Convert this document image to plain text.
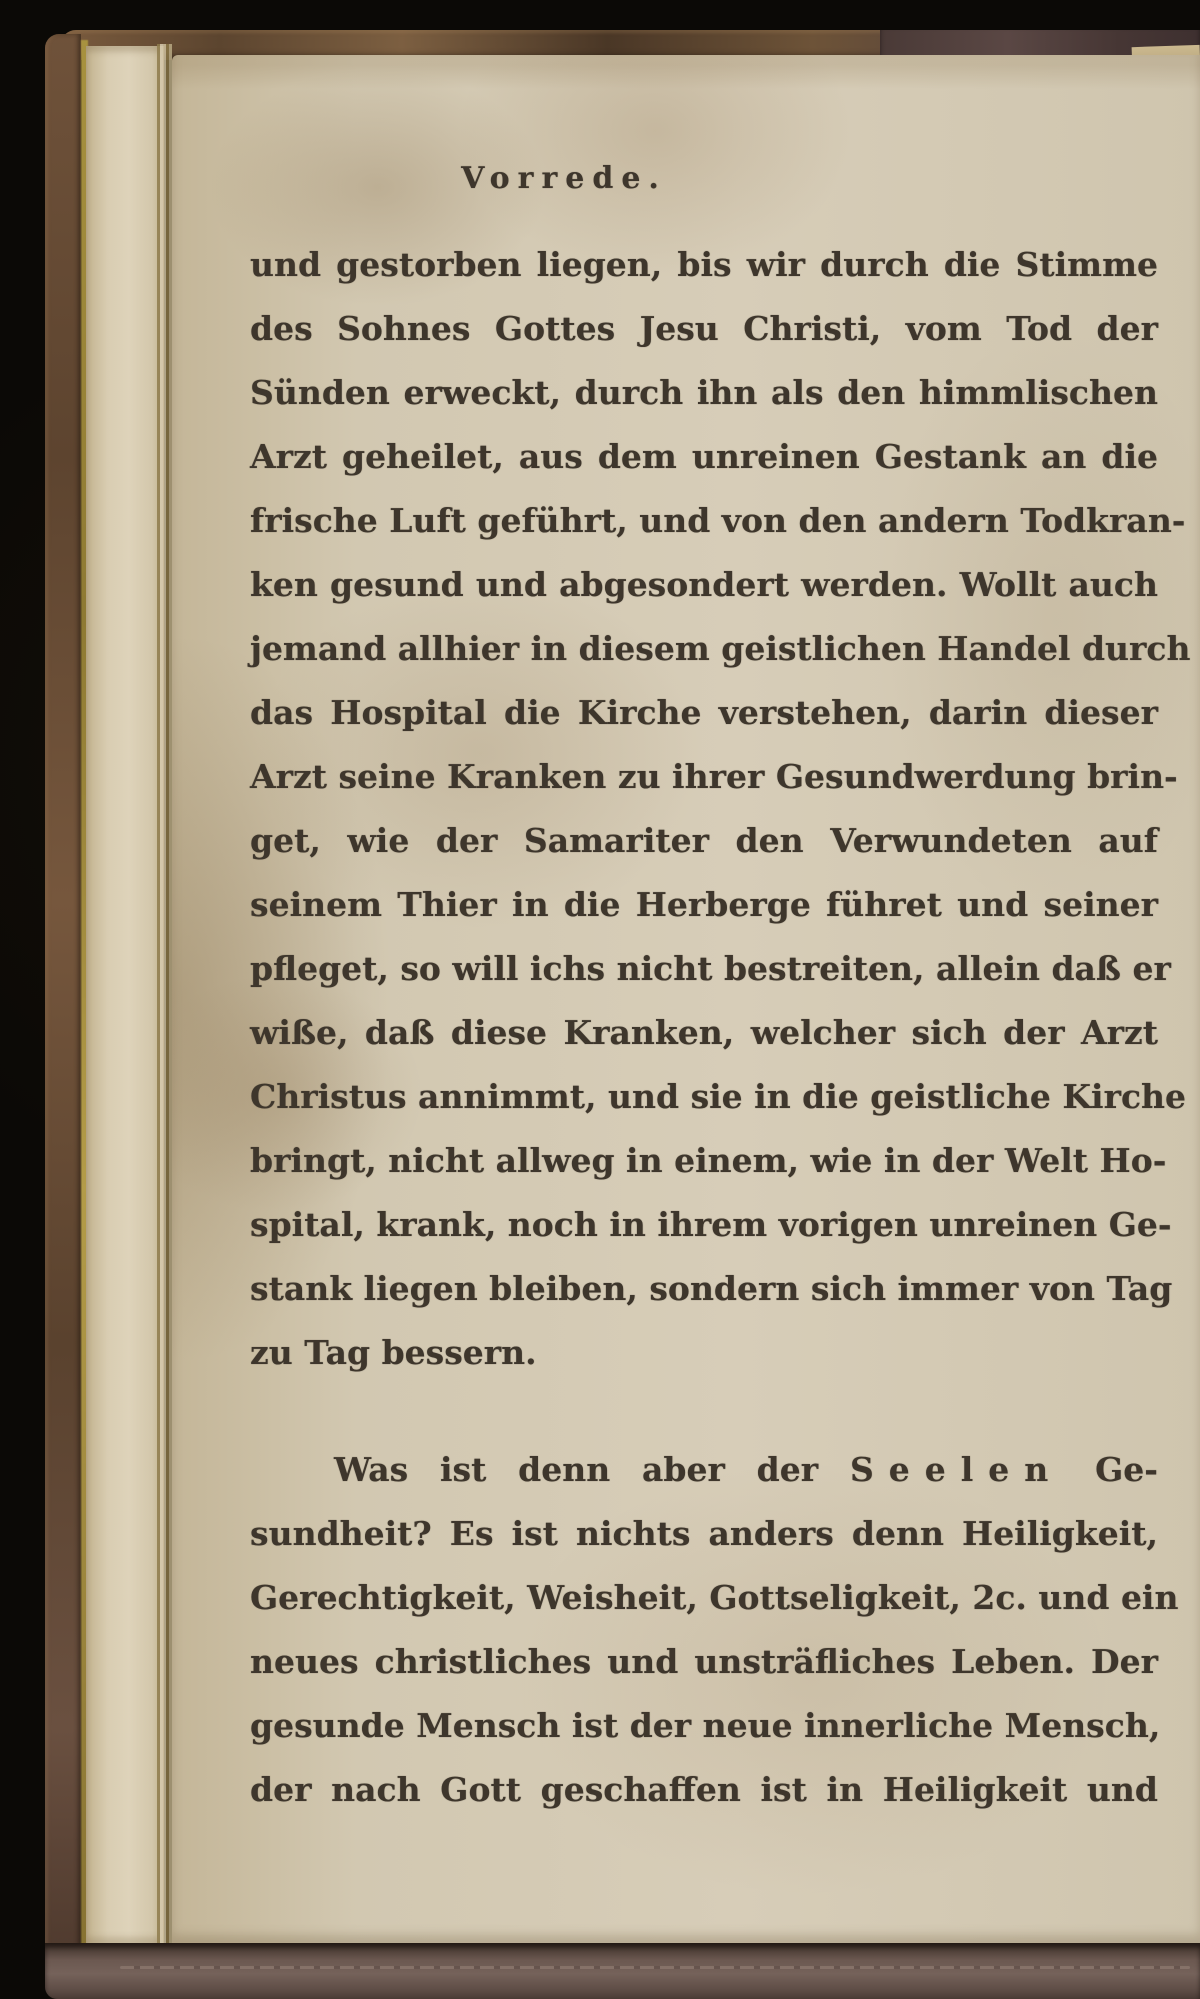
Vorrede.
und gestorben liegen, bis wir durch die Stimme
des Sohnes Gottes Jesu Christi, vom Tod der
Sünden erweckt, durch ihn als den himmlischen
Arzt geheilet, aus dem unreinen Gestank an die
frische Luft geführt, und von den andern Todkran-
ken gesund und abgesondert werden. Wollt auch
jemand allhier in diesem geistlichen Handel durch
das Hospital die Kirche verstehen, darin dieser
Arzt seine Kranken zu ihrer Gesundwerdung brin-
get, wie der Samariter den Verwundeten auf
seinem Thier in die Herberge führet und seiner
pfleget, so will ichs nicht bestreiten, allein daß er
wiße, daß diese Kranken, welcher sich der Arzt
Christus annimmt, und sie in die geistliche Kirche
bringt, nicht allweg in einem, wie in der Welt Ho-
spital, krank, noch in ihrem vorigen unreinen Ge-
stank liegen bleiben, sondern sich immer von Tag
zu Tag bessern.
Was ist denn aber der Seelen Ge-
sundheit? Es ist nichts anders denn Heiligkeit,
Gerechtigkeit, Weisheit, Gottseligkeit, 2c. und ein
neues christliches und unsträfliches Leben. Der
gesunde Mensch ist der neue innerliche Mensch,
der nach Gott geschaffen ist in Heiligkeit und
